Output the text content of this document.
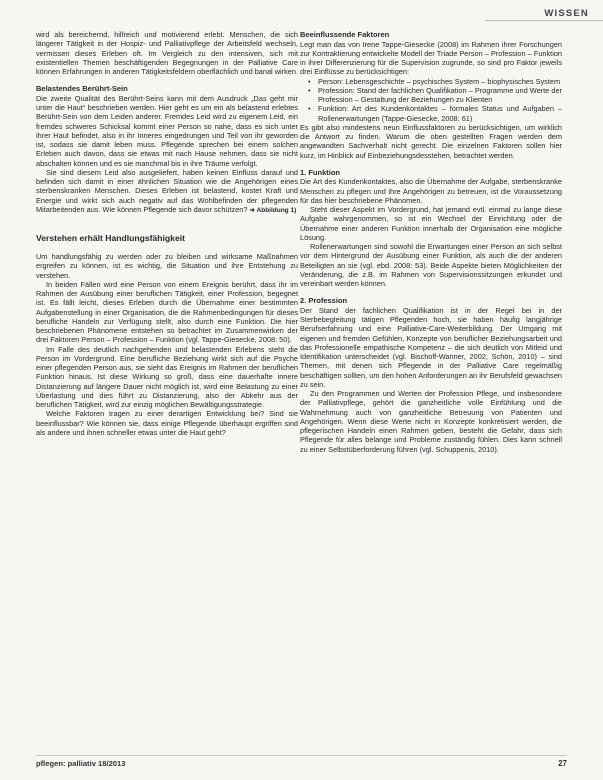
WISSEN

wird als bereichernd, hilfreich und motivierend erlebt. Menschen, die sich längerer Tätigkeit in der Hospiz- und Palliativpflege der Arbeitsfeld wechseln, vermissen dieses Erleben oft. Im Vergleich zu den intensiven, sich mit existentiellen Themen beschäftigenden Begegnungen in der Palliative Care können Erfahrungen in anderen Tätigkeitsfeldern oberflächlich und banal wirken.

Belastendes Berührt-Sein

Die zweite Qualität des Berührt-Seins kann mit dem Ausdruck „Das geht mir unter die Haut“ beschrieben werden. Hier geht es um ein als belastend erlebtes Berührt-Sein von dem Leiden anderer. Fremdes Leid wird zu eigenem Leid, ein fremdes schweres Schicksal kommt einer Person so nahe, dass es sich unter ihrer Haut befindet, also in ihr Inneres eingedrungen und Teil von ihr geworden ist, sodass sie damit leben muss. Pflegende sprechen bei einem solchen Erleben auch davon, dass sie etwas mit nach Hause nehmen, dass sie nicht abschalten können und es sie manchmal bis in ihre Träume verfolgt.

Sie sind diesem Leid also ausgeliefert, haben keinen Einfluss darauf und befinden sich damit in einer ähnlichen Situation wie die Angehörigen eines sterbenskranken Menschen. Dieses Erleben ist belastend, kostet Kraft und Energie und wirkt sich auch negativ auf das Wohlbefinden der pflegenden Mitarbeitenden aus. Wie können Pflegende sich davor schützen? ➜ Abbildung 1)

Verstehen erhält Handlungsfähigkeit

Um handlungsfähig zu werden oder zu bleiben und wirksame Maßnahmen ergreifen zu können, ist es wichtig, die Situation und ihre Entstehung zu verstehen.

In beiden Fällen wird eine Person von einem Ereignis berührt, dass ihr im Rahmen der Ausübung einer beruflichen Tätigkeit, einer Profession, begegnet ist. Es fällt leicht, dieses Erleben durch die Übernahme einer bestimmten Aufgabenstellung in einer Organisation, die die Rahmenbedingungen für dieses berufliche Handeln zur Verfügung stellt, also durch eine Funktion. Die hier beschriebenen Phänomene entstehen so betrachtet im Zusammenwirken der drei Faktoren Person – Profession – Funktion (vgl. Tappe-Giesecke, 2008: 50).

Im Falle des deutlich nachgehenden und belastenden Erlebens steht die Person im Vordergrund. Eine berufliche Beziehung wirkt sich auf die Psyche einer pflegenden Person aus, sie sieht das Ereignis im Rahmen der beruflichen Funktion hinaus. Ist diese Wirkung so groß, dass eine dauerhafte innere Distanzierung auf längere Dauer nicht möglich ist, wird eine Belastung zu einer Überlastung und dies führt zu Distanzierung, also der Abkehr aus der beruflichen Tätigkeit, wird zur einzig möglichen Bewältigungsstrategie.

Welche Faktoren tragen zu einer derartigen Entwicklung bei? Sind sie beeinflussbar? Wie können sie, dass einige Pflegende überhaupt ergriffen sind als andere und ihnen schneller etwas unter die Haut geht?

Beeinflussende Faktoren

Legt man das von Irene Tappe-Giesecke (2008) im Rahmen ihrer Forschungen zur Kontraktierung entwickelte Modell der Triade Person – Profession – Funktion in ihrer Differenzierung für die Supervision zugrunde, so sind pro Faktor jeweils drei Einflüsse zu berücksichtigen:

• Person: Lebensgeschichte – psychisches System – biophysisches System
• Profession: Stand der fachlichen Qualifikation – Programme und Werte der Profession – Gestaltung der Beziehungen zu Klienten
• Funktion: Art des Kundenkontaktes – formales Status und Aufgaben – Rollenerwartungen (Tappe-Giesecke, 2008: 61)

Es gibt also mindestens neun Einflussfaktoren zu berücksichtigen, um wirklich die Antwort zu finden. Warum die oben gestellten Fragen werden dem angewandten Sachverhalt nicht gerecht. Die einzelnen Faktoren sollen hier kurz, im Hinblick auf Einbeziehungsdesstehen, betrachtet werden.

1. Funktion

Die Art des Kundenkontaktes, also die Übernahme der Aufgabe, sterbenskranke Menschen zu pflegen und ihre Angehörigen zu betreuen, ist die Voraussetzung für das hier beschriebene Phänomen.

Steht dieser Aspekt im Vordergrund, hat jemand evtl. einmal zu lange diese Aufgabe wahrgenommen, so ist ein Wechsel der Einrichtung oder die Übernahme einer anderen Funktion innerhalb der Organisation eine mögliche Lösung.

Rollenerwartungen sind sowohl die Erwartungen einer Person an sich selbst vor dem Hintergrund der Ausübung einer Funktion, als auch die der anderen Beteiligten an sie (vgl. ebd. 2008: 53). Beide Aspekte bieten Möglichkeiten der Veränderung, die z.B. im Rahmen von Supervisionssitzungen erkundet und vereinbart werden können.

2. Profession

Der Stand der fachlichen Qualifikation ist in der Regel bei in der Sterbebegleitung tätigen Pflegenden hoch, sie haben häufig langjährige Berufserfahrung und eine Palliative-Care-Weiterbildung. Der Umgang mit eigenen und fremden Gefühlen, Konzepte von beruflicher Beziehungsarbeit und das Professionelle empathische Kompetenz – die sich deutlich von Mitleid und Identifikation unterscheidet (vgl. Bischoff-Wanner, 2002; Schön, 2010) – sind Themen, mit denen sich Pflegende in der Palliative Care regelmäßig beschäftigen sollten, um den hohen Anforderungen an ihr Berufsfeld gewachsen zu sein.

Zu den Programmen und Werten der Profession Pflege, und insbesondere der Palliativpflege, gehört die ganzheitliche volle Einfühlung und die Wahrnehmung auch von ganzheitliche Betreuung von Patienten und Angehörigen. Wenn diese Werte nicht in Konzepte konkretisiert werden, die pflegerischen Handeln einen Rahmen geben, besteht die Gefahr, dass sich Pflegende für alles belange und Probleme zuständig fühlen. Dies kann schnell zu einer Selbstüberforderung führen (vgl. Schuppenis, 2010).

pflegen: palliativ 18/2013	27
